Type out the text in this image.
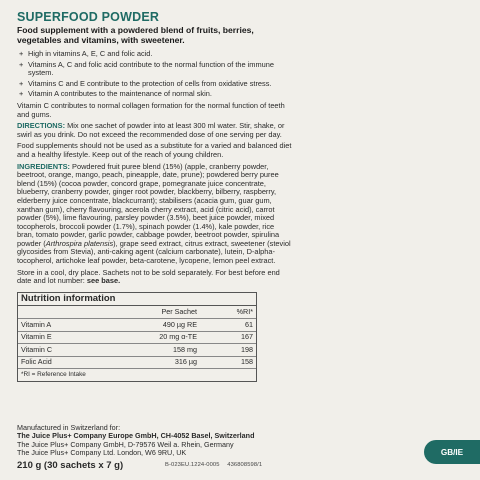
SUPERFOOD POWDER
Food supplement with a powdered blend of fruits, berries, vegetables and vitamins, with sweetener.
+ High in vitamins A, E, C and folic acid.
+ Vitamins A, C and folic acid contribute to the normal function of the immune system.
+ Vitamins C and E contribute to the protection of cells from oxidative stress.
+ Vitamin A contributes to the maintenance of normal skin.

Vitamin C contributes to normal collagen formation for the normal function of teeth and gums.

DIRECTIONS: Mix one sachet of powder into at least 300 ml water. Stir, shake, or swirl as you drink. Do not exceed the recommended dose of one serving per day.

Food supplements should not be used as a substitute for a varied and balanced diet and a healthy lifestyle. Keep out of the reach of young children.

INGREDIENTS: Powdered fruit puree blend (15%) (apple, cranberry powder, beetroot, orange, mango, peach, pineapple, date, prune); powdered berry puree blend (15%) (cocoa powder, concord grape, pomegranate juice concentrate, blueberry, cranberry powder, ginger root powder, blackberry, bilberry, raspberry, elderberry juice concentrate, blackcurrant); stabilisers (acacia gum, guar gum, xanthan gum), cherry flavouring, acerola cherry extract, acid (citric acid), carrot powder (5%), lime flavouring, parsley powder (3.5%), beet juice powder, mixed tocopherols, broccoli powder (1.7%), spinach powder (1.4%), kale powder, rice bran, tomato powder, garlic powder, cabbage powder, beetroot powder, spirulina powder (Arthrospira platensis), grape seed extract, citrus extract, sweetener (steviol glycosides from Stevia), anti-caking agent (calcium carbonate), lutein, D-alpha-tocopherol, artichoke leaf powder, beta-carotene, lycopene, lemon peel extract.

Store in a cool, dry place. Sachets not to be sold separately. For best before end date and lot number: see base.

Nutrition information
	Per Sachet	%RI*
Vitamin A	490 µg RE	61
Vitamin E	20 mg α-TE	167
Vitamin C	158 mg	198
Folic Acid	316 µg	158
*RI = Reference Intake
Manufactured in Switzerland for:
The Juice Plus+ Company Europe GmbH, CH-4052 Basel, Switzerland
The Juice Plus+ Company GmbH, D-79576 Weil a. Rhein, Germany
The Juice Plus+ Company Ltd. London, W6 9RU, UK
210 g (30 sachets x 7 g)	B-023EU.1224-0005 436808598/1
GB/IE
